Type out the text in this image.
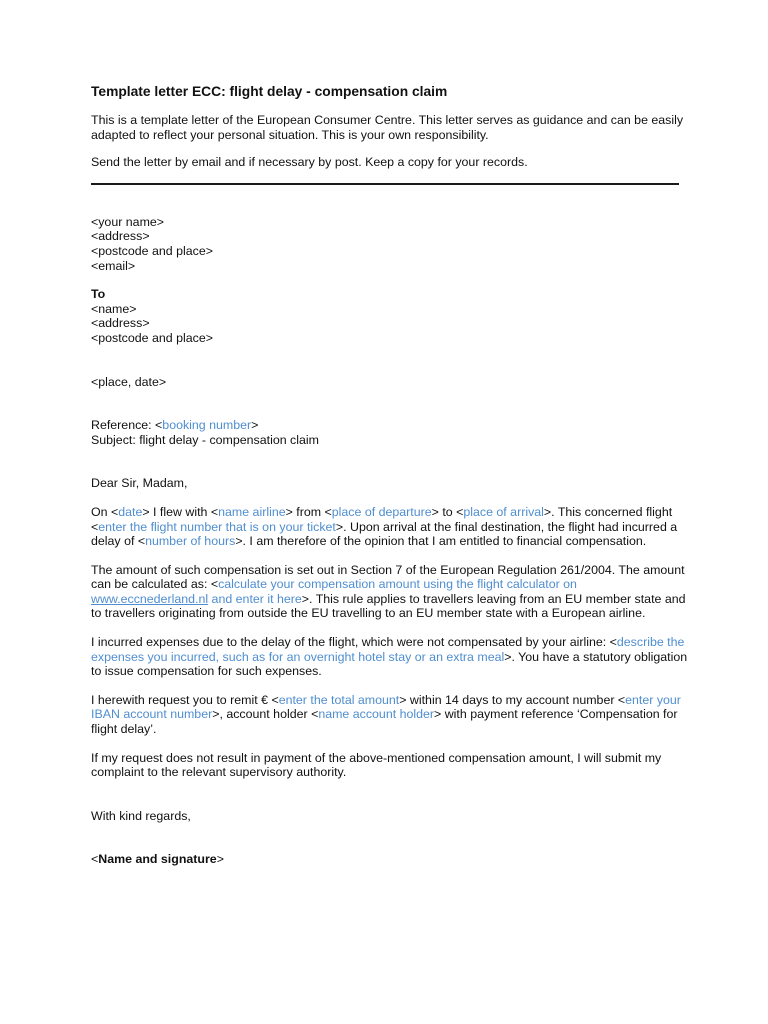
Template letter ECC: flight delay - compensation claim

This is a template letter of the European Consumer Centre. This letter serves as guidance and can be easily adapted to reflect your personal situation. This is your own responsibility.

Send the letter by email and if necessary by post. Keep a copy for your records.

<your name>

<address>

<postcode and place>

<email>

To

<name>

<address>

<postcode and place>

<place, date>

Reference: <booking number>

Subject: flight delay - compensation claim

Dear Sir, Madam,

On <date> I flew with <name airline> from <place of departure> to <place of arrival>. This concerned flight <enter the flight number that is on your ticket>. Upon arrival at the final destination, the flight had incurred a delay of <number of hours>. I am therefore of the opinion that I am entitled to financial compensation.

The amount of such compensation is set out in Section 7 of the European Regulation 261/2004. The amount can be calculated as: <calculate your compensation amount using the flight calculator on www.eccnederland.nl and enter it here>. This rule applies to travellers leaving from an EU member state and to travellers originating from outside the EU travelling to an EU member state with a European airline.

I incurred expenses due to the delay of the flight, which were not compensated by your airline: <describe the expenses you incurred, such as for an overnight hotel stay or an extra meal>. You have a statutory obligation to issue compensation for such expenses.

I herewith request you to remit € <enter the total amount> within 14 days to my account number <enter your IBAN account number>, account holder <name account holder> with payment reference ‘Compensation for flight delay’.

If my request does not result in payment of the above-mentioned compensation amount, I will submit my complaint to the relevant supervisory authority.

With kind regards,

<Name and signature>
